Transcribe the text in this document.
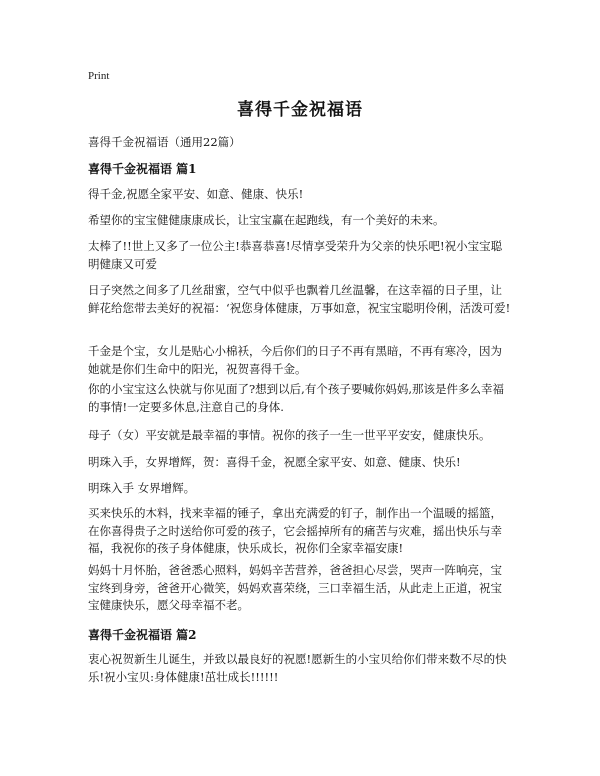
Print
喜得千金祝福语
喜得千金祝福语（通用22篇）
喜得千金祝福语 篇1

得千金,祝愿全家平安、如意、健康、快乐!

希望你的宝宝健健康康成长，让宝宝赢在起跑线，有一个美好的未来。

太棒了!!世上又多了一位公主!恭喜恭喜!尽情享受荣升为父亲的快乐吧!祝小宝宝聪明健康又可爱

日子突然之间多了几丝甜蜜，空气中似乎也飘着几丝温馨，在这幸福的日子里，让鲜花给您带去美好的祝福：‘祝您身体健康，万事如意，祝宝宝聪明伶俐，活泼可爱!

千金是个宝，女儿是贴心小棉袄，今后你们的日子不再有黑暗，不再有寒冷，因为她就是你们生命中的阳光，祝贺喜得千金。

你的小宝宝这么快就与你见面了?想到以后,有个孩子要喊你妈妈,那该是件多么幸福的事情!一定要多休息,注意自己的身体.

母子（女）平安就是最幸福的事情。祝你的孩子一生一世平平安安，健康快乐。

明珠入手，女界增辉，贺：喜得千金，祝愿全家平安、如意、健康、快乐!

明珠入手 女界增辉。

买来快乐的木料，找来幸福的锤子，拿出充满爱的钉子，制作出一个温暖的摇篮，在你喜得贵子之时送给你可爱的孩子，它会摇掉所有的痛苦与灾难，摇出快乐与幸福，我祝你的孩子身体健康，快乐成长，祝你们全家幸福安康!

妈妈十月怀胎，爸爸悉心照料，妈妈辛苦营养，爸爸担心尽尝，哭声一阵响亮，宝宝终到身旁，爸爸开心微笑，妈妈欢喜荣绕，三口幸福生活，从此走上正道，祝宝宝健康快乐，愿父母幸福不老。

喜得千金祝福语 篇2

衷心祝贺新生儿诞生，并致以最良好的祝愿!愿新生的小宝贝给你们带来数不尽的快乐!祝小宝贝:身体健康!茁壮成长!!!!!!
